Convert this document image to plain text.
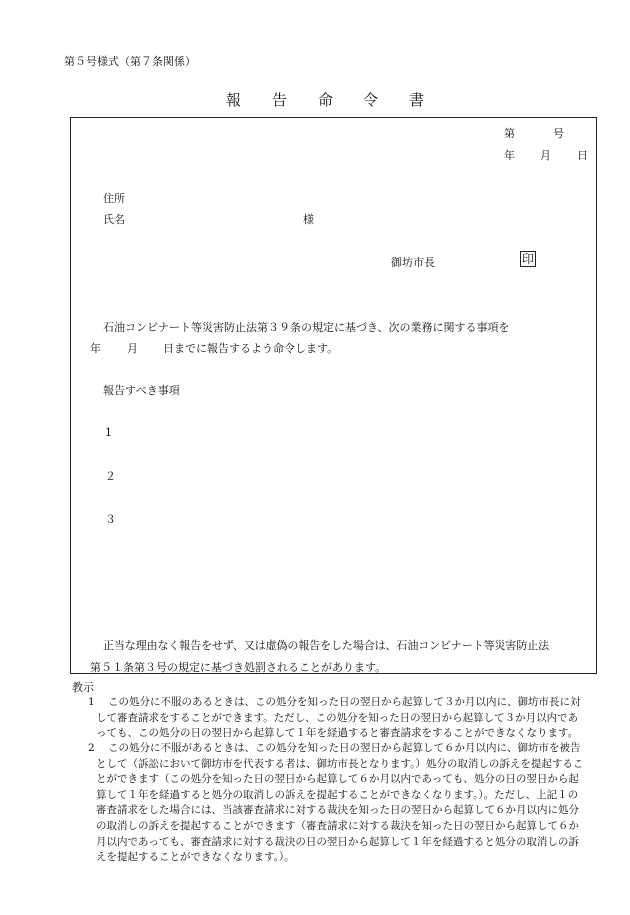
第５号様式（第７条関係）
報 告 命 令 書
第	号
年 月 日
住所
氏名	様
御坊市長	印
石油コンビナート等災害防止法第３９条の規定に基づき、次の業務に関する事項を
年 月 日までに報告するよう命令します。
報告すべき事項
1
２
３
正当な理由なく報告をせず、又は虚偽の報告をした場合は、石油コンビナート等災害防止法
第５１条第３号の規定に基づき処罰されることがあります。
教示
1 この処分に不服のあるときは、この処分を知った日の翌日から起算して３か月以内に、御坊市長に対
して審査請求をすることができます。ただし、この処分を知った日の翌日から起算して３か月以内であ
っても、この処分の日の翌日から起算して１年を経過すると審査請求をすることができなくなります。
2 この処分に不服があるときは、この処分を知った日の翌日から起算して６か月以内に、御坊市を被告
として（訴訟において御坊市を代表する者は、御坊市長となります。）処分の取消しの訴えを提起するこ
とができます（この処分を知った日の翌日から起算して６か月以内であっても、処分の日の翌日から起
算して１年を経過すると処分の取消しの訴えを提起することができなくなります。）。ただし、上記１の
審査請求をした場合には、当該審査請求に対する裁決を知った日の翌日から起算して６か月以内に処分
の取消しの訴えを提起することができます（審査請求に対する裁決を知った日の翌日から起算して６か
月以内であっても、審査請求に対する裁決の日の翌日から起算して１年を経過すると処分の取消しの訴
えを提起することができなくなります。）。
